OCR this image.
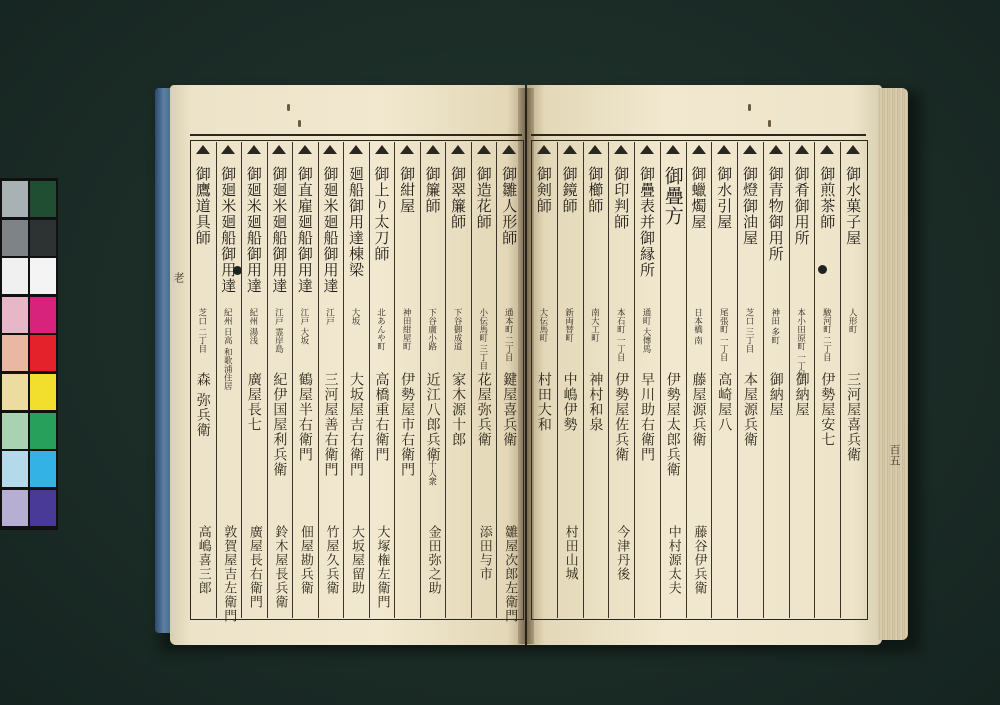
老
百五
御雛人形師
通本町 二丁目
鍵屋喜兵衛
雛屋次郎左衛門
御造花師
小伝馬町 三丁目
花屋弥兵衛
添田与市
御翠簾師
下谷御成道
家木源十郎
御簾師
下谷廣小路
近江八郎兵衛
十人衆
金田弥之助
御紺屋
神田紺屋町
伊勢屋市右衛門
御上り太刀師
北あんや町
高橋重右衛門
大塚権左衛門
廻船御用達棟梁
大坂
大坂屋吉右衛門
大坂屋留助
御廻米廻船御用達
江戸
三河屋善右衛門
竹屋久兵衛
御直雇廻船御用達
江戸 大坂
鶴屋半右衛門
佃屋勘兵衛
御廻米廻船御用達
江戸 霊岸島
紀伊国屋利兵衛
鈴木屋長兵衛
御廻米廻船御用達
紀州 湯浅
廣屋長七
廣屋長右衛門
御廻米廻船御用達
紀州 日高 和歌浦住居
敦賀屋吉左衛門
御鷹道具師
芝口 二丁目
森 弥兵衛
高嶋喜三郎
御水菓子屋
人形町
三河屋喜兵衛
御煎茶師
駿河町 二丁目
伊勢屋安七
御肴御用所
本小田原町 一丁目
御納屋
御青物御用所
神田 多町
御納屋
御燈御油屋
芝口 三丁目
本屋源兵衛
御水引屋
尾張町 一丁目
高崎屋八
御蠟燭屋
日本橋 南
藤屋源兵衛
藤谷伊兵衛
御疊方
伊勢屋太郎兵衛
中村源太夫
御疊表并御縁所
通町 大傳馬
早川助右衛門
御印判師
本石町 一丁目
伊勢屋佐兵衛
今津丹後
御櫛師
南大工町
神村和泉
御鏡師
新両替町
中嶋伊勢
村田山城
御剣師
大伝馬町
村田大和
